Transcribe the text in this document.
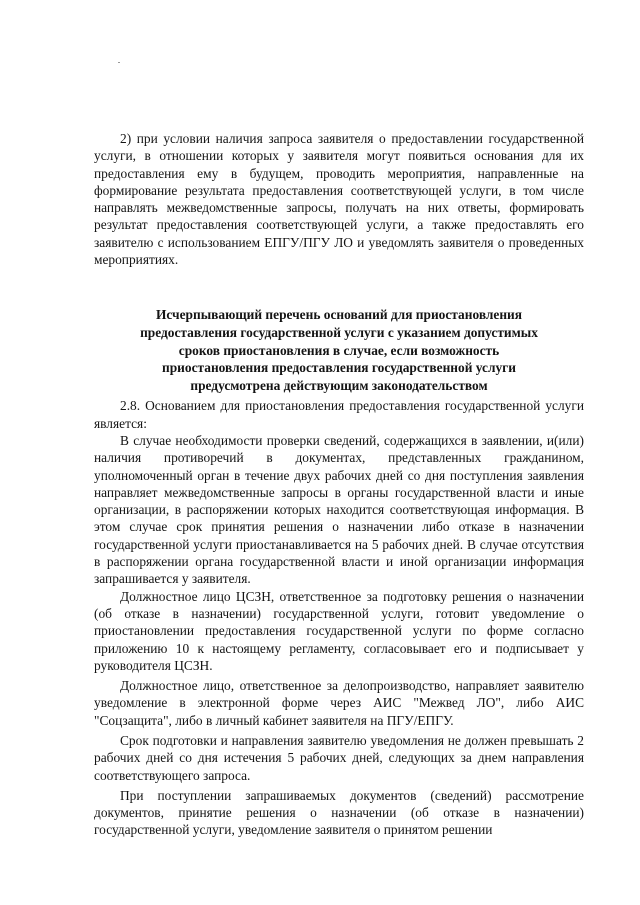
2) при условии наличия запроса заявителя о предоставлении государственной услуги, в отношении которых у заявителя могут появиться основания для их предоставления ему в будущем, проводить мероприятия, направленные на формирование результата предоставления соответствующей услуги, в том числе направлять межведомственные запросы, получать на них ответы, формировать результат предоставления соответствующей услуги, а также предоставлять его заявителю с использованием ЕПГУ/ПГУ ЛО и уведомлять заявителя о проведенных мероприятиях.

Исчерпывающий перечень оснований для приостановления
предоставления государственной услуги с указанием допустимых
сроков приостановления в случае, если возможность
приостановления предоставления государственной услуги
предусмотрена действующим законодательством

2.8. Основанием для приостановления предоставления государственной услуги является:

В случае необходимости проверки сведений, содержащихся в заявлении, и(или) наличия противоречий в документах, представленных гражданином, уполномоченный орган в течение двух рабочих дней со дня поступления заявления направляет межведомственные запросы в органы государственной власти и иные организации, в распоряжении которых находится соответствующая информация. В этом случае срок принятия решения о назначении либо отказе в назначении государственной услуги приостанавливается на 5 рабочих дней. В случае отсутствия в распоряжении органа государственной власти и иной организации информация запрашивается у заявителя.

Должностное лицо ЦСЗН, ответственное за подготовку решения о назначении (об отказе в назначении) государственной услуги, готовит уведомление о приостановлении предоставления государственной услуги по форме согласно приложению 10 к настоящему регламенту, согласовывает его и подписывает у руководителя ЦСЗН.

Должностное лицо, ответственное за делопроизводство, направляет заявителю уведомление в электронной форме через АИС "Межвед ЛО", либо АИС "Соцзащита", либо в личный кабинет заявителя на ПГУ/ЕПГУ.

Срок подготовки и направления заявителю уведомления не должен превышать 2 рабочих дней со дня истечения 5 рабочих дней, следующих за днем направления соответствующего запроса.

При поступлении запрашиваемых документов (сведений) рассмотрение документов, принятие решения о назначении (об отказе в назначении) государственной услуги, уведомление заявителя о принятом решении
